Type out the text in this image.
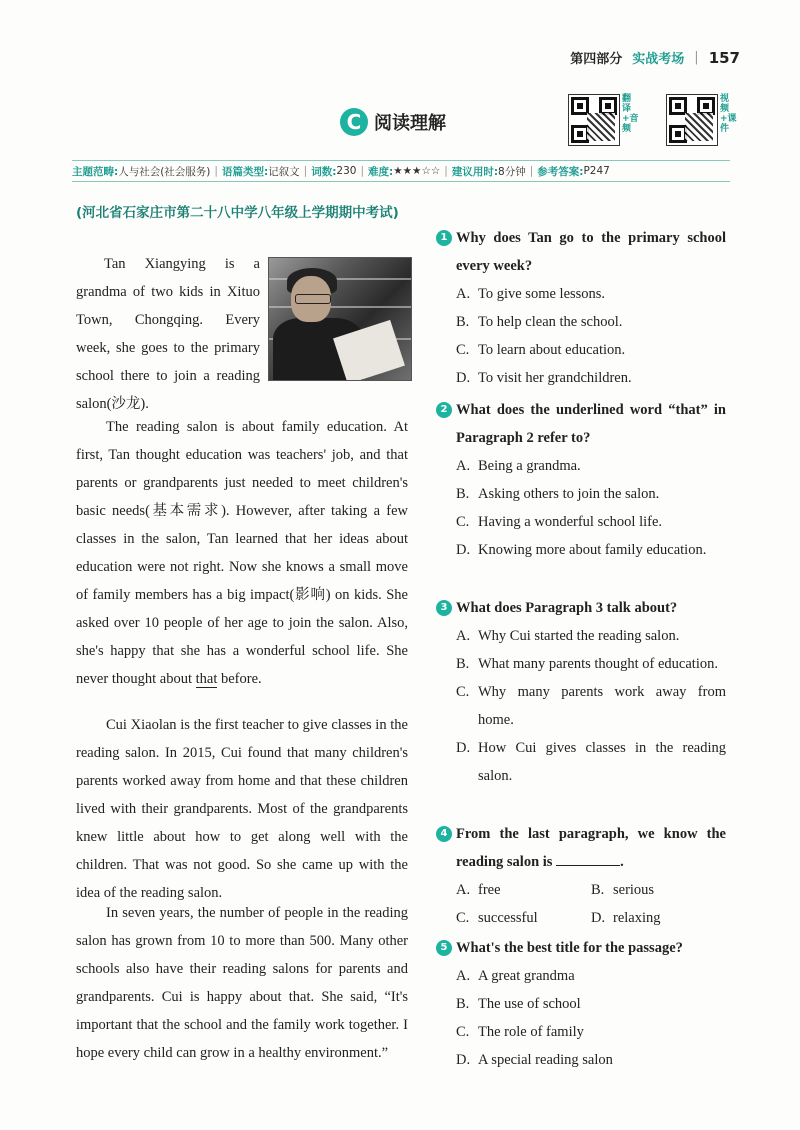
第四部分 实战考场 | 157
C 阅读理解
翻译+音频
视频+课件
主题范畴: 人与社会(社会服务) | 语篇类型: 记叙文 | 词数: 230 | 难度: ★★★☆☆ | 建议用时: 8分钟 | 参考答案: P247
(河北省石家庄市第二十八中学八年级上学期期中考试)
Tan Xiangying is a grandma of two kids in Xituo Town, Chongqing. Every week, she goes to the primary school there to join a reading salon(沙龙).
The reading salon is about family education. At first, Tan thought education was teachers' job, and that parents or grandparents just needed to meet children's basic needs(基本需求). However, after taking a few classes in the salon, Tan learned that her ideas about education were not right. Now she knows a small move of family members has a big impact(影响) on kids. She asked over 10 people of her age to join the salon. Also, she's happy that she has a wonderful school life. She never thought about that before.
Cui Xiaolan is the first teacher to give classes in the reading salon. In 2015, Cui found that many children's parents worked away from home and that these children lived with their grandparents. Most of the grandparents knew little about how to get along well with the children. That was not good. So she came up with the idea of the reading salon.
In seven years, the number of people in the reading salon has grown from 10 to more than 500. Many other schools also have their reading salons for parents and grandparents. Cui is happy about that. She said, “It's important that the school and the family work together. I hope every child can grow in a healthy environment.”
1 Why does Tan go to the primary school every week?
A. To give some lessons.
B. To help clean the school.
C. To learn about education.
D. To visit her grandchildren.
2 What does the underlined word “that” in Paragraph 2 refer to?
A. Being a grandma.
B. Asking others to join the salon.
C. Having a wonderful school life.
D. Knowing more about family education.
3 What does Paragraph 3 talk about?
A. Why Cui started the reading salon.
B. What many parents thought of education.
C. Why many parents work away from home.
D. How Cui gives classes in the reading salon.
4 From the last paragraph, we know the reading salon is	.
A. free	B. serious
C. successful	D. relaxing
5 What's the best title for the passage?
A. A great grandma
B. The use of school
C. The role of family
D. A special reading salon
